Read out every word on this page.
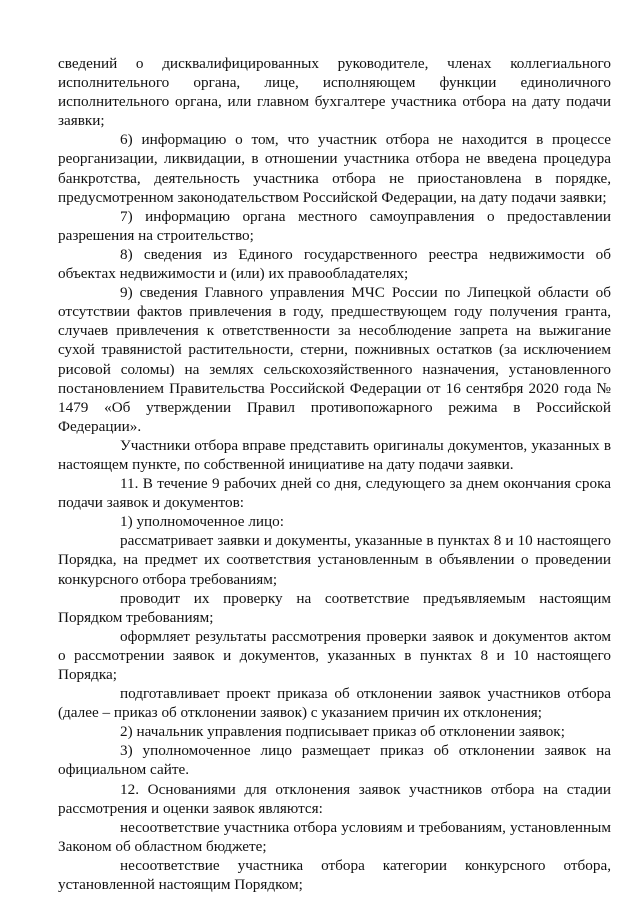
сведений о дисквалифицированных руководителе, членах коллегиального исполнительного органа, лице, исполняющем функции единоличного исполнительного органа, или главном бухгалтере участника отбора на дату подачи заявки;

6) информацию о том, что участник отбора не находится в процессе реорганизации, ликвидации, в отношении участника отбора не введена процедура банкротства, деятельность участника отбора не приостановлена в порядке, предусмотренном законодательством Российской Федерации, на дату подачи заявки;

7) информацию органа местного самоуправления о предоставлении разрешения на строительство;

8) сведения из Единого государственного реестра недвижимости об объектах недвижимости и (или) их правообладателях;

9) сведения Главного управления МЧС России по Липецкой области об отсутствии фактов привлечения в году, предшествующем году получения гранта, случаев привлечения к ответственности за несоблюдение запрета на выжигание сухой травянистой растительности, стерни, пожнивных остатков (за исключением рисовой соломы) на землях сельскохозяйственного назначения, установленного постановлением Правительства Российской Федерации от 16 сентября 2020 года № 1479 «Об утверждении Правил противопожарного режима в Российской Федерации».

Участники отбора вправе представить оригиналы документов, указанных в настоящем пункте, по собственной инициативе на дату подачи заявки.

11. В течение 9 рабочих дней со дня, следующего за днем окончания срока подачи заявок и документов:

1) уполномоченное лицо:

рассматривает заявки и документы, указанные в пунктах 8 и 10 настоящего Порядка, на предмет их соответствия установленным в объявлении о проведении конкурсного отбора требованиям;

проводит их проверку на соответствие предъявляемым настоящим Порядком требованиям;

оформляет результаты рассмотрения проверки заявок и документов актом о рассмотрении заявок и документов, указанных в пунктах 8 и 10 настоящего Порядка;

подготавливает проект приказа об отклонении заявок участников отбора (далее – приказ об отклонении заявок) с указанием причин их отклонения;

2) начальник управления подписывает приказ об отклонении заявок;

3) уполномоченное лицо размещает приказ об отклонении заявок на официальном сайте.

12. Основаниями для отклонения заявок участников отбора на стадии рассмотрения и оценки заявок являются:

несоответствие участника отбора условиям и требованиям, установленным Законом об областном бюджете;

несоответствие участника отбора категории конкурсного отбора, установленной настоящим Порядком;
